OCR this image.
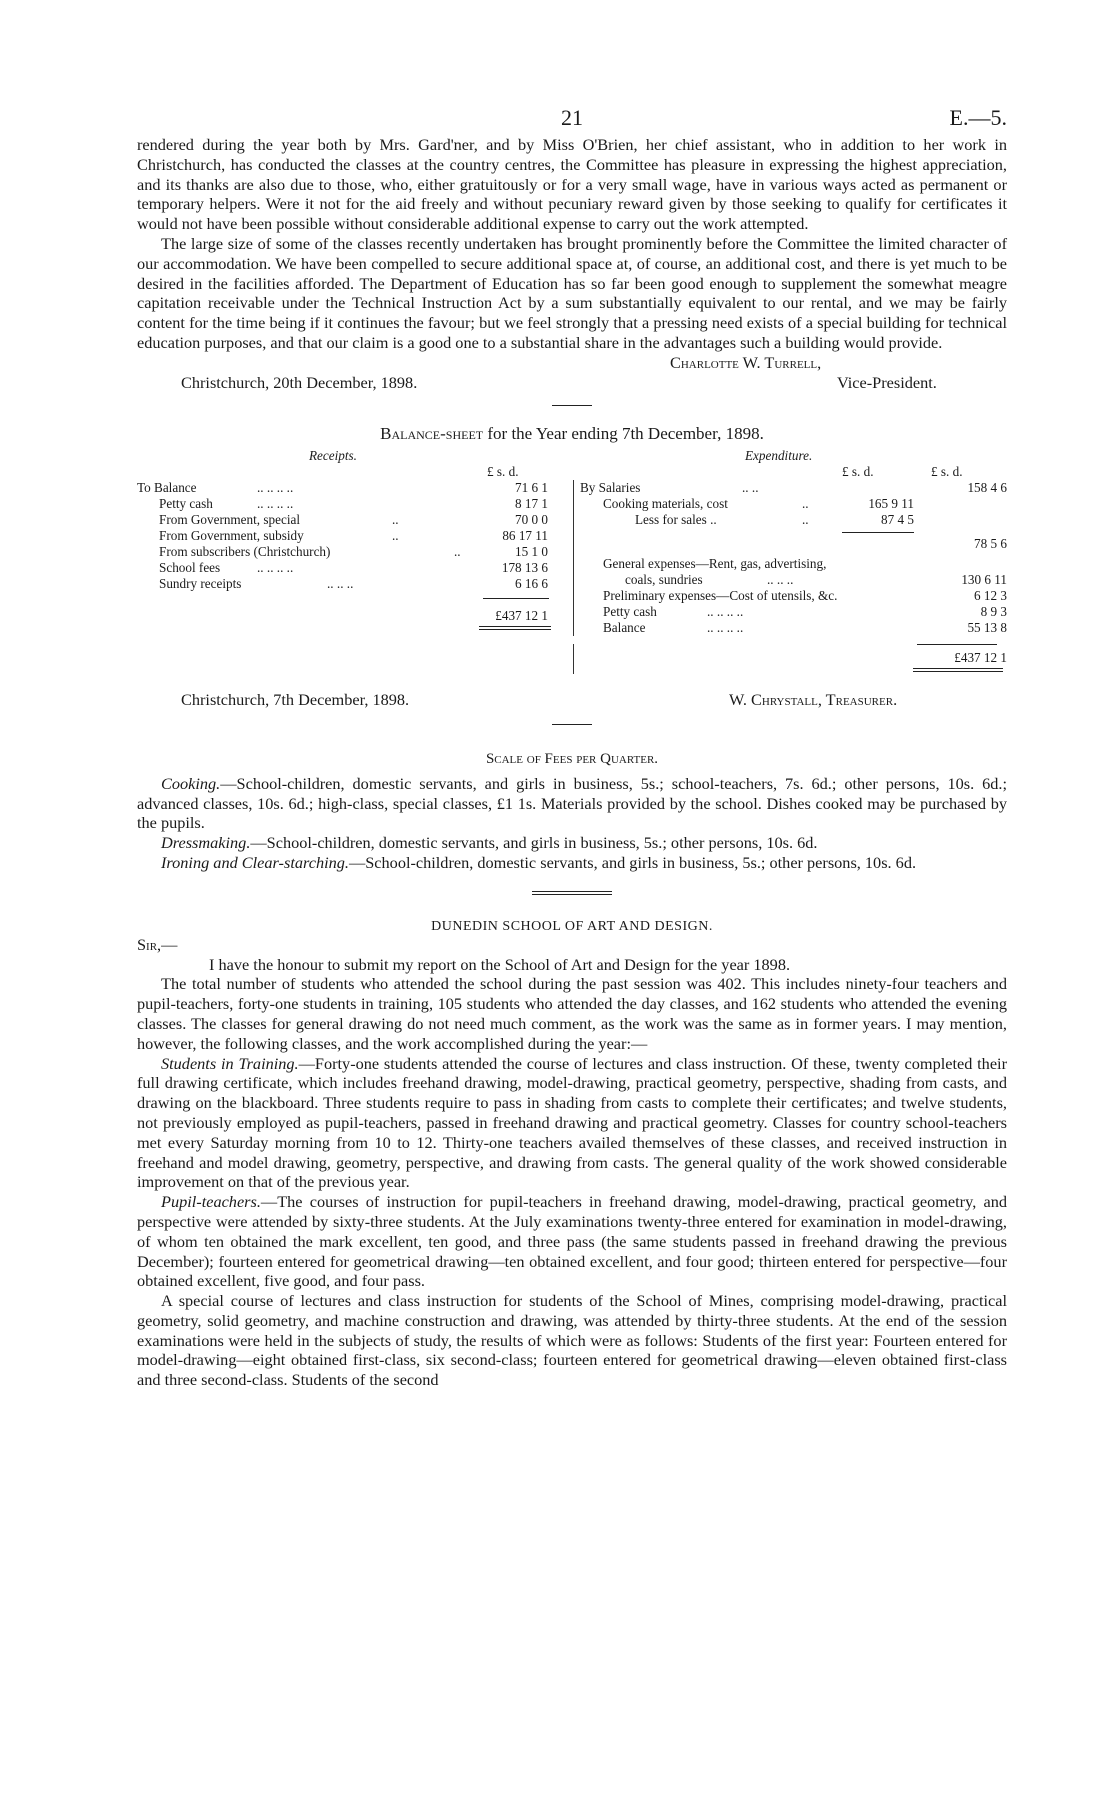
21	E.—5.

rendered during the year both by Mrs. Gard'ner, and by Miss O'Brien, her chief assistant, who in addition to her work in Christchurch, has conducted the classes at the country centres, the Committee has pleasure in expressing the highest appreciation, and its thanks are also due to those, who, either gratuitously or for a very small wage, have in various ways acted as permanent or temporary helpers. Were it not for the aid freely and without pecuniary reward given by those seeking to qualify for certificates it would not have been possible without considerable additional expense to carry out the work attempted.

The large size of some of the classes recently undertaken has brought prominently before the Committee the limited character of our accommodation. We have been compelled to secure additional space at, of course, an additional cost, and there is yet much to be desired in the facilities afforded. The Department of Education has so far been good enough to supplement the somewhat meagre capitation receivable under the Technical Instruction Act by a sum substantially equivalent to our rental, and we may be fairly content for the time being if it continues the favour; but we feel strongly that a pressing need exists of a special building for technical education purposes, and that our claim is a good one to a substantial share in the advantages such a building would provide.

Charlotte W. Turrell,
Christchurch, 20th December, 1898.	Vice-President.
Balance-sheet for the Year ending 7th December, 1898.
Receipts.	Expenditure.
£ s. d.	£ s. d.	£ s. d.
To Balance	.. .. .. ..	71 6 1
Petty cash	.. .. .. ..	8 17 1
From Government, special	..	70 0 0
From Government, subsidy	..	86 17 11
From subscribers (Christchurch)	..	15 1 0
School fees	.. .. .. ..	178 13 6
Sundry receipts	.. .. ..	6 16 6
£437 12 1
By Salaries	.. ..	158 4 6
Cooking materials, cost	..	165 9 11
Less for sales ..	..	87 4 5
78 5 6
General expenses—Rent, gas, advertising,
coals, sundries	.. .. ..	130 6 11
Preliminary expenses—Cost of utensils, &c.	6 12 3
Petty cash	.. .. .. ..	8 9 3
Balance	.. .. .. ..	55 13 8
£437 12 1
Christchurch, 7th December, 1898.	W. Chrystall, Treasurer.
Scale of Fees per Quarter.

Cooking.—School-children, domestic servants, and girls in business, 5s.; school-teachers, 7s. 6d.; other persons, 10s. 6d.; advanced classes, 10s. 6d.; high-class, special classes, £1 1s. Materials provided by the school. Dishes cooked may be purchased by the pupils.

Dressmaking.—School-children, domestic servants, and girls in business, 5s.; other persons, 10s. 6d.

Ironing and Clear-starching.—School-children, domestic servants, and girls in business, 5s.; other persons, 10s. 6d.

DUNEDIN SCHOOL OF ART AND DESIGN.

Sir,—

I have the honour to submit my report on the School of Art and Design for the year 1898.

The total number of students who attended the school during the past session was 402. This includes ninety-four teachers and pupil-teachers, forty-one students in training, 105 students who attended the day classes, and 162 students who attended the evening classes. The classes for general drawing do not need much comment, as the work was the same as in former years. I may mention, however, the following classes, and the work accomplished during the year:—

Students in Training.—Forty-one students attended the course of lectures and class instruction. Of these, twenty completed their full drawing certificate, which includes freehand drawing, model-drawing, practical geometry, perspective, shading from casts, and drawing on the blackboard. Three students require to pass in shading from casts to complete their certificates; and twelve students, not previously employed as pupil-teachers, passed in freehand drawing and practical geometry. Classes for country school-teachers met every Saturday morning from 10 to 12. Thirty-one teachers availed themselves of these classes, and received instruction in freehand and model drawing, geometry, perspective, and drawing from casts. The general quality of the work showed considerable improvement on that of the previous year.

Pupil-teachers.—The courses of instruction for pupil-teachers in freehand drawing, model-drawing, practical geometry, and perspective were attended by sixty-three students. At the July examinations twenty-three entered for examination in model-drawing, of whom ten obtained the mark excellent, ten good, and three pass (the same students passed in freehand drawing the previous December); fourteen entered for geometrical drawing—ten obtained excellent, and four good; thirteen entered for perspective—four obtained excellent, five good, and four pass.

A special course of lectures and class instruction for students of the School of Mines, comprising model-drawing, practical geometry, solid geometry, and machine construction and drawing, was attended by thirty-three students. At the end of the session examinations were held in the subjects of study, the results of which were as follows: Students of the first year: Fourteen entered for model-drawing—eight obtained first-class, six second-class; fourteen entered for geometrical drawing—eleven obtained first-class and three second-class. Students of the second
